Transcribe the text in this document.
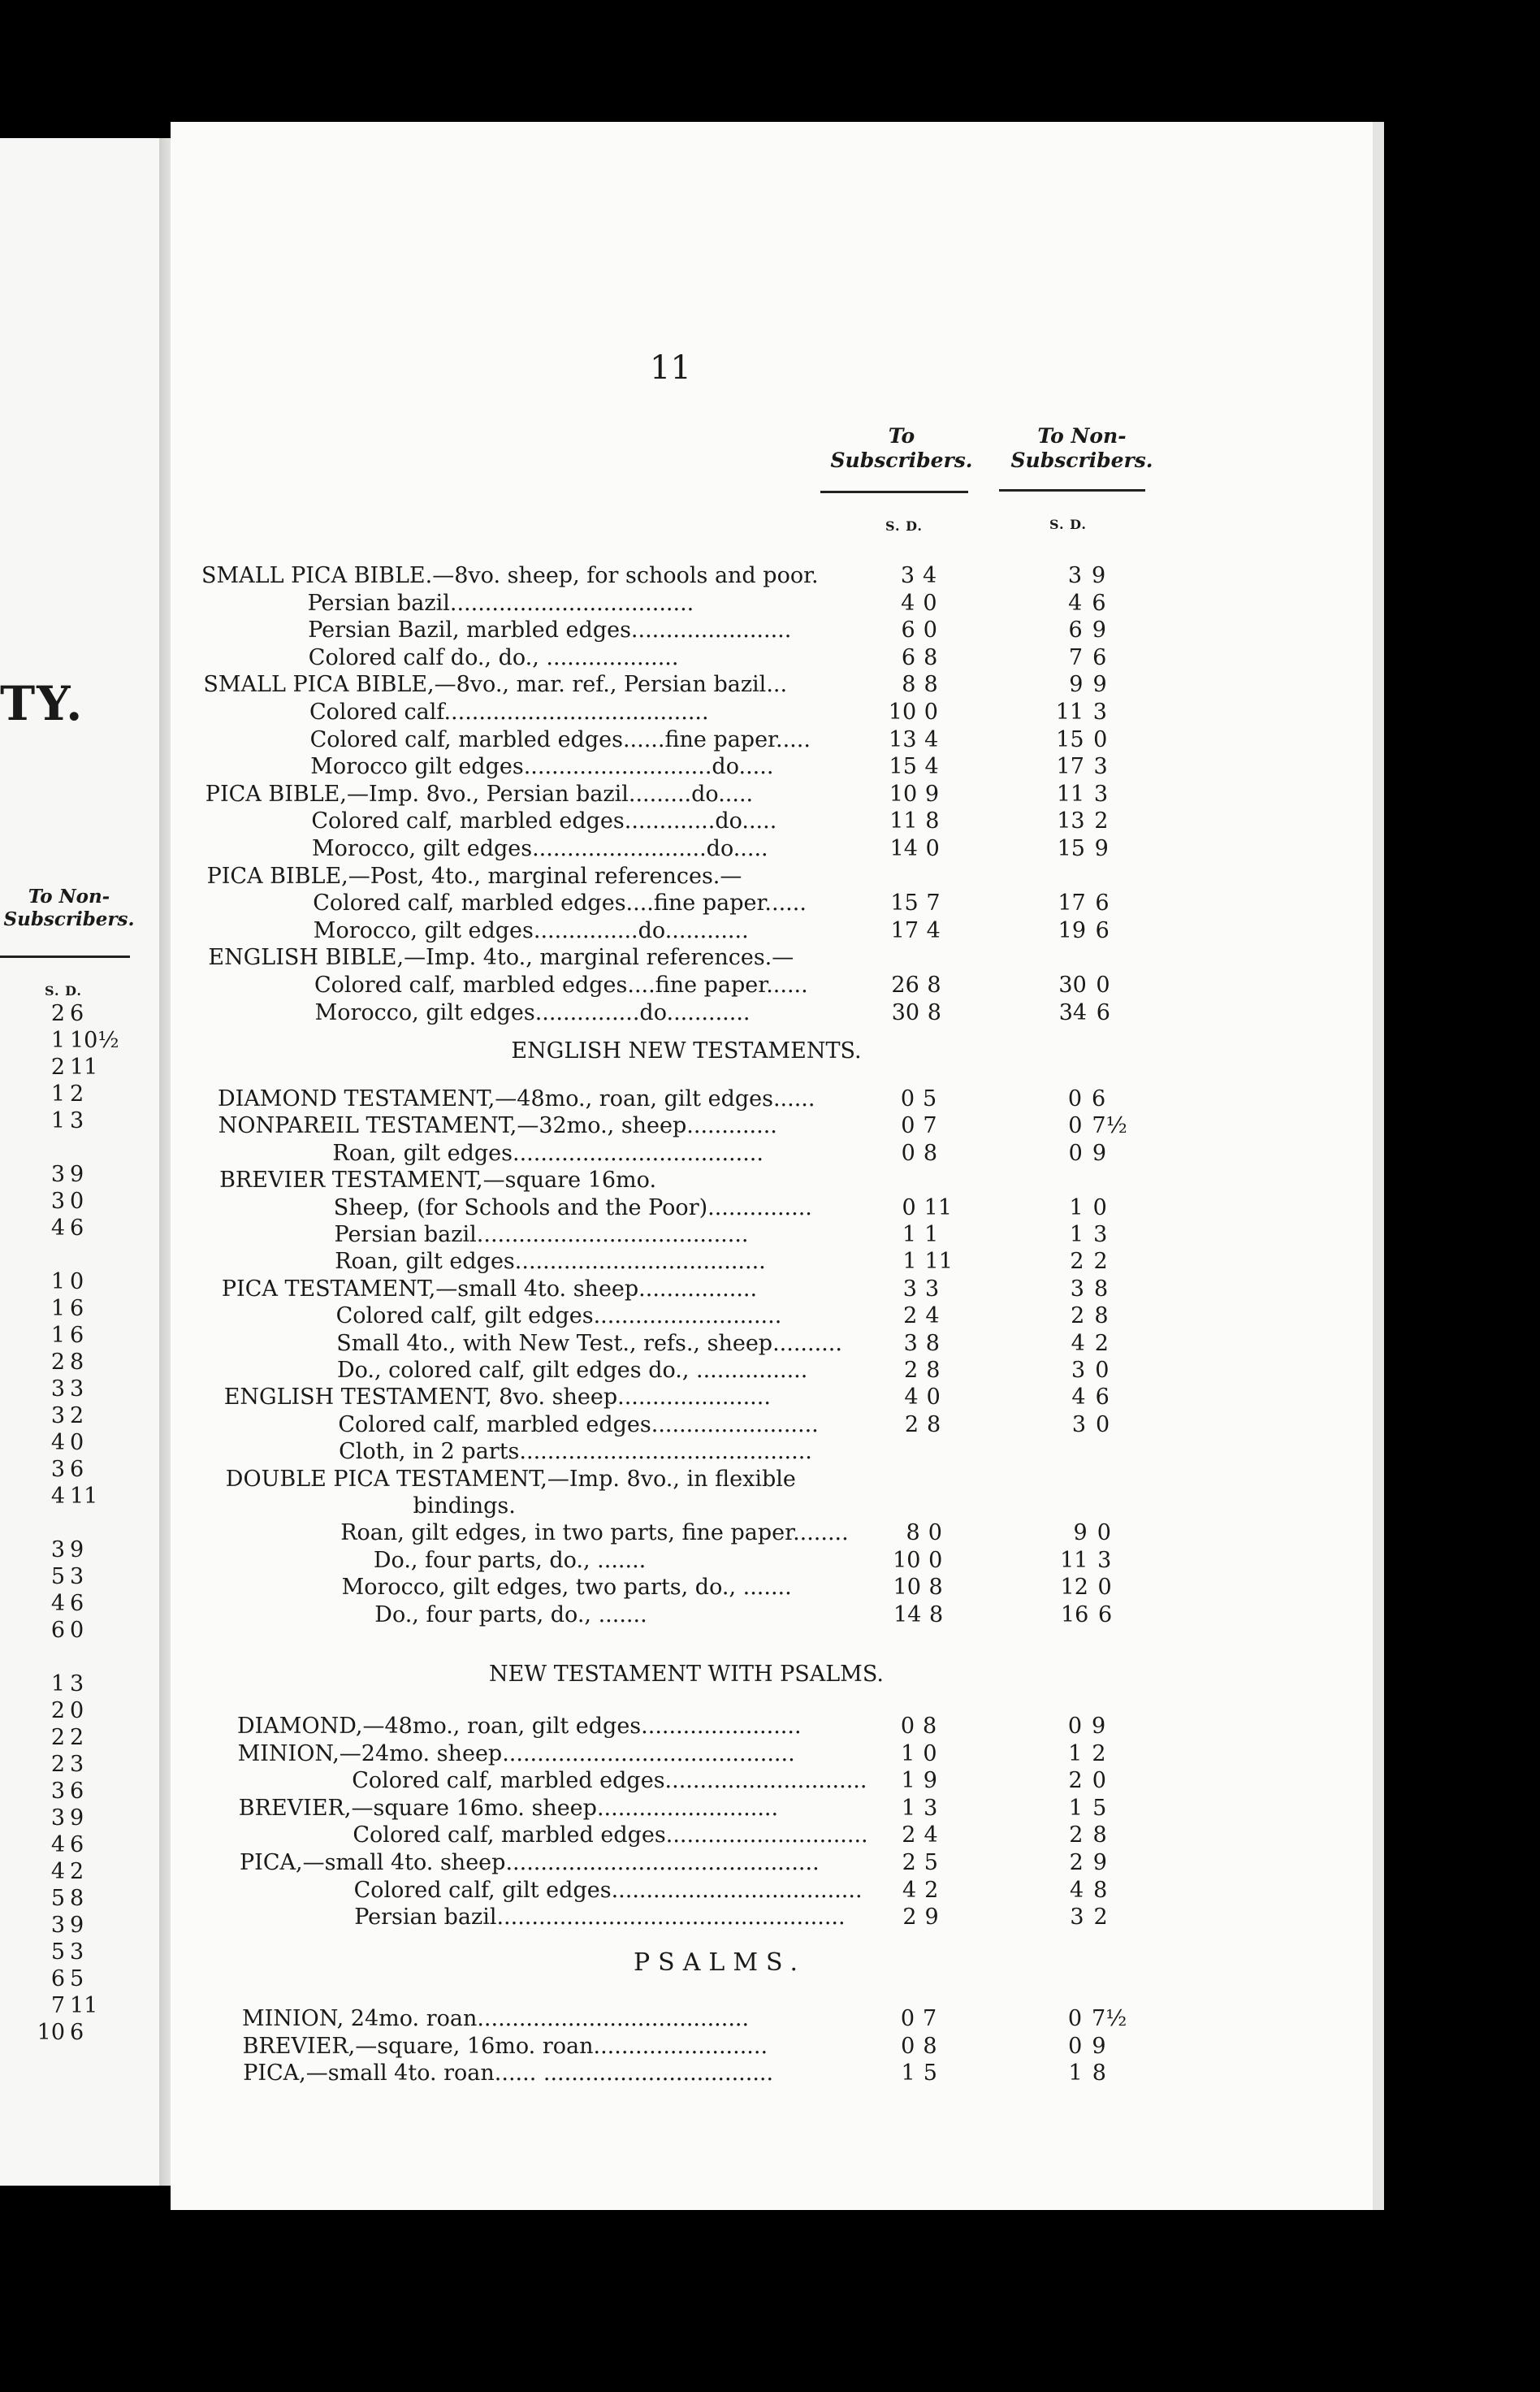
TY.
To Non-
Subscribers.
S. D.
2 6
1 10½
2 11
1 2
1 3
3 9
3 0
4 6
1 0
1 6
1 6
2 8
3 3
3 2
4 0
3 6
4 11
3 9
5 3
4 6
6 0
1 3
2 0
2 2
2 3
3 6
3 9
4 6
4 2
5 8
3 9
5 3
6 5
7 11
10 6
11
To
Subscribers.
To Non-
Subscribers.
S. D.	S. D.
SMALL PICA BIBLE.—8vo. sheep, for schools and poor.	3 4	3 9
Persian bazil...................................	4 0	4 6
Persian Bazil, marbled edges.......................	6 0	6 9
Colored calf do., do., ...................	6 8	7 6
SMALL PICA BIBLE,—8vo., mar. ref., Persian bazil...	8 8	9 9
Colored calf......................................	10 0	11 3
Colored calf, marbled edges......fine paper.....	13 4	15 0
Morocco gilt edges...........................do.....	15 4	17 3
PICA BIBLE,—Imp. 8vo., Persian bazil.........do.....	10 9	11 3
Colored calf, marbled edges.............do.....	11 8	13 2
Morocco, gilt edges.........................do.....	14 0	15 9
PICA BIBLE,—Post, 4to., marginal references.—
Colored calf, marbled edges....fine paper......	15 7	17 6
Morocco, gilt edges...............do............	17 4	19 6
ENGLISH BIBLE,—Imp. 4to., marginal references.—
Colored calf, marbled edges....fine paper......	26 8	30 0
Morocco, gilt edges...............do............	30 8	34 6
ENGLISH NEW TESTAMENTS.
DIAMOND TESTAMENT,—48mo., roan, gilt edges......	0 5	0 6
NONPAREIL TESTAMENT,—32mo., sheep.............	0 7	0 7½
Roan, gilt edges....................................	0 8	0 9
BREVIER TESTAMENT,—square 16mo.
Sheep, (for Schools and the Poor)...............	0 11	1 0
Persian bazil.......................................	1 1	1 3
Roan, gilt edges....................................	1 11	2 2
PICA TESTAMENT,—small 4to. sheep.................	3 3	3 8
Colored calf, gilt edges...........................	2 4	2 8
Small 4to., with New Test., refs., sheep..........	3 8	4 2
Do., colored calf, gilt edges do., ................	2 8	3 0
ENGLISH TESTAMENT, 8vo. sheep......................	4 0	4 6
Colored calf, marbled edges........................	2 8	3 0
Cloth, in 2 parts..........................................
DOUBLE PICA TESTAMENT,—Imp. 8vo., in flexible
bindings.
Roan, gilt edges, in two parts, fine paper........	8 0	9 0
Do., four parts, do., .......	10 0	11 3
Morocco, gilt edges, two parts, do., .......	10 8	12 0
Do., four parts, do., .......	14 8	16 6
NEW TESTAMENT WITH PSALMS.
DIAMOND,—48mo., roan, gilt edges.......................	0 8	0 9
MINION,—24mo. sheep..........................................	1 0	1 2
Colored calf, marbled edges.............................	1 9	2 0
BREVIER,—square 16mo. sheep..........................	1 3	1 5
Colored calf, marbled edges.............................	2 4	2 8
PICA,—small 4to. sheep.............................................	2 5	2 9
Colored calf, gilt edges....................................	4 2	4 8
Persian bazil..................................................	2 9	3 2
PSALMS.
MINION, 24mo. roan.......................................	0 7	0 7½
BREVIER,—square, 16mo. roan.........................	0 8	0 9
PICA,—small 4to. roan...... .................................	1 5	1 8
